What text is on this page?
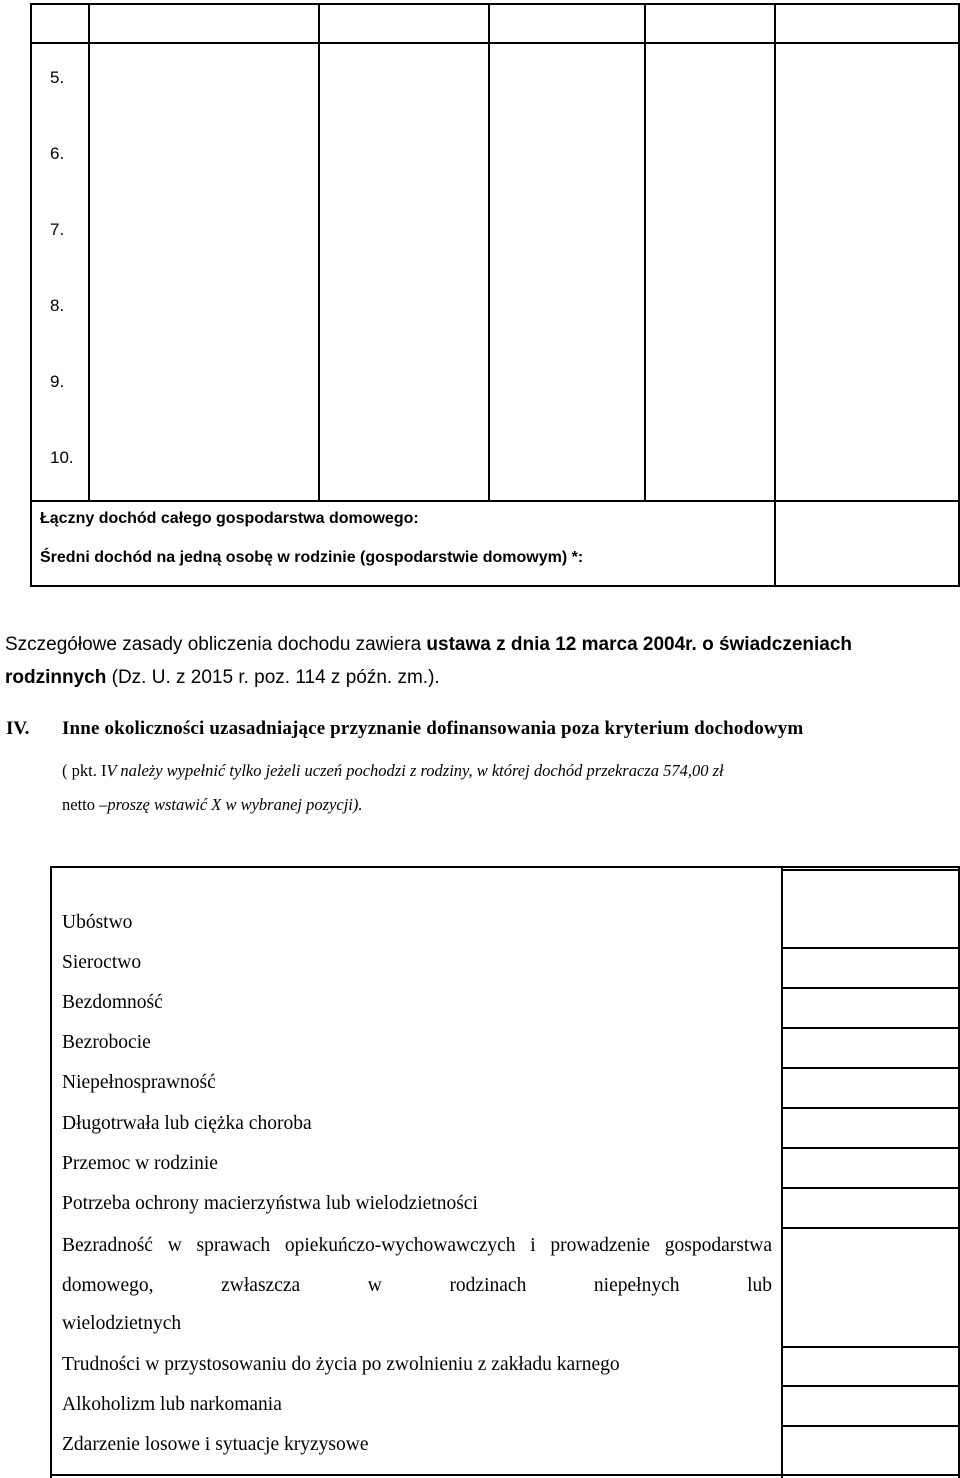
5.
6.
7.
8.
9.
10.
Łączny dochód całego gospodarstwa domowego:
Średni dochód na jedną osobę w rodzinie (gospodarstwie domowym) *:
Szczegółowe zasady obliczenia dochodu zawiera ustawa z dnia 12 marca 2004r. o świadczeniach rodzinnych (Dz. U. z 2015 r. poz. 114 z późn. zm.).
IV. Inne okoliczności uzasadniające przyznanie dofinansowania poza kryterium dochodowym
( pkt. IV należy wypełnić tylko jeżeli uczeń pochodzi z rodziny, w której dochód przekracza 574,00 zł
netto –proszę wstawić X w wybranej pozycji).
Ubóstwo
Sieroctwo
Bezdomność
Bezrobocie
Niepełnosprawność
Długotrwała lub ciężka choroba
Przemoc w rodzinie
Potrzeba ochrony macierzyństwa lub wielodzietności
Bezradność w sprawach opiekuńczo-wychowawczych i prowadzenie gospodarstwa domowego, zwłaszcza w rodzinach niepełnych lub
wielodzietnych
Trudności w przystosowaniu do życia po zwolnieniu z zakładu karnego
Alkoholizm lub narkomania
Zdarzenie losowe i sytuacje kryzysowe
